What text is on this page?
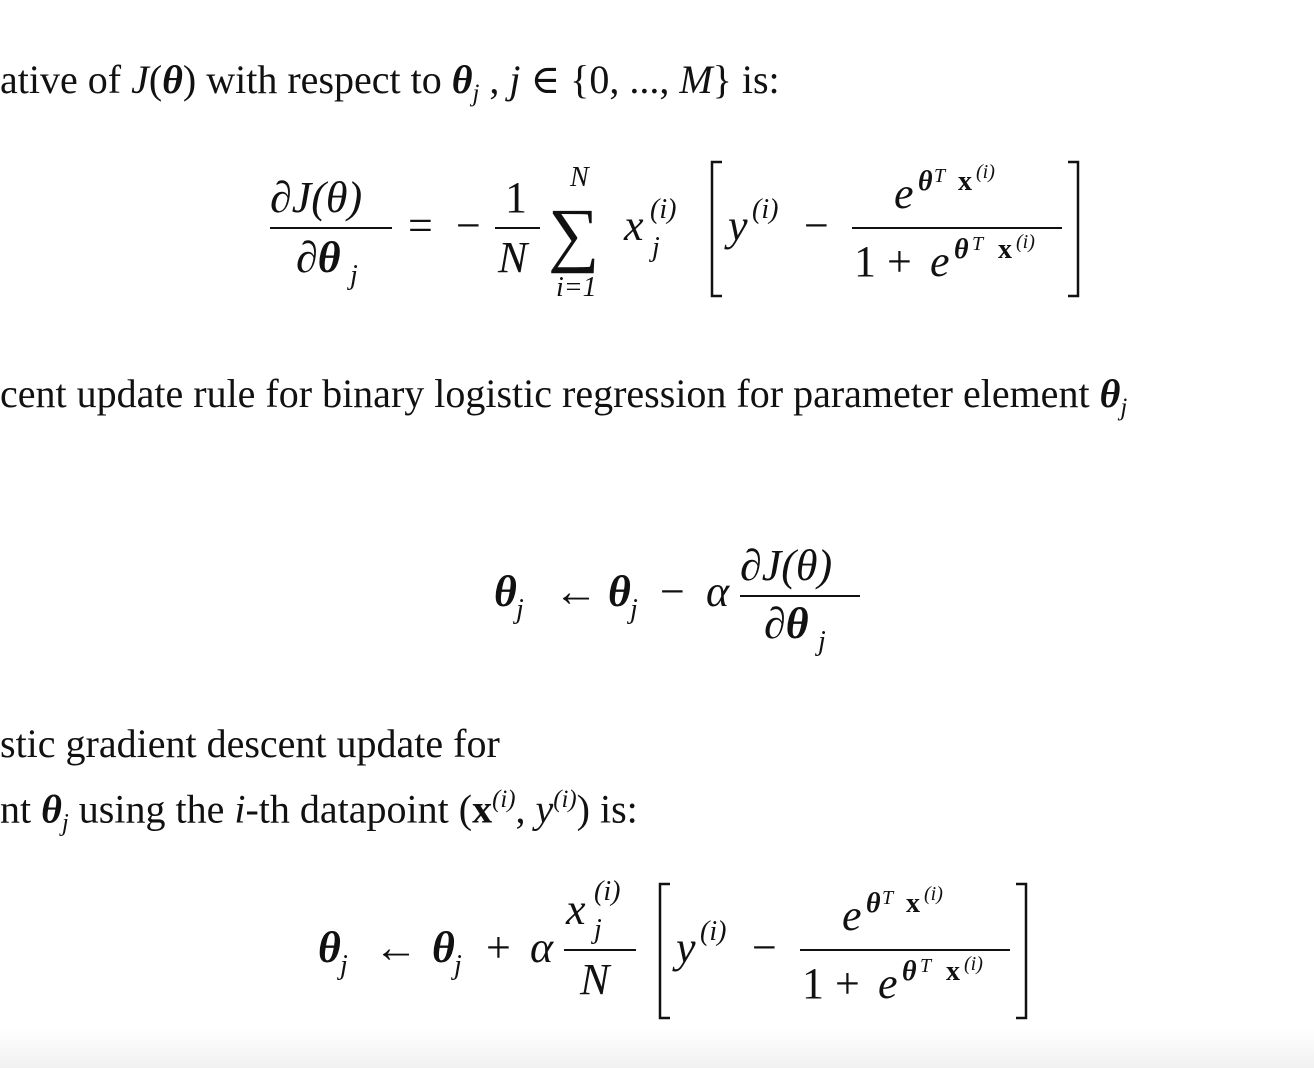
ative of J(θ) with respect to $\theta_j$ , j ∈ {0, ..., M} is:
cent update rule for binary logistic regression for parameter element $\theta_j$
stic gradient descent update for
nt $\theta_j$ using the i-th datapoint ($x^{(i)}$, $y^{(i)}$) is:
∂J(θ)
∂θ j
= −
1
N
N
∑
i=1
x (i)
j y (i) −
e θ T x (i)
1 + e θ T x (i)
θ j ← θ j − α
∂J(θ)
∂θ j
θ j ← θ j + α
x (i)
j
N
y (i) −
e θ T x (i)
1 + e θ T x (i)
